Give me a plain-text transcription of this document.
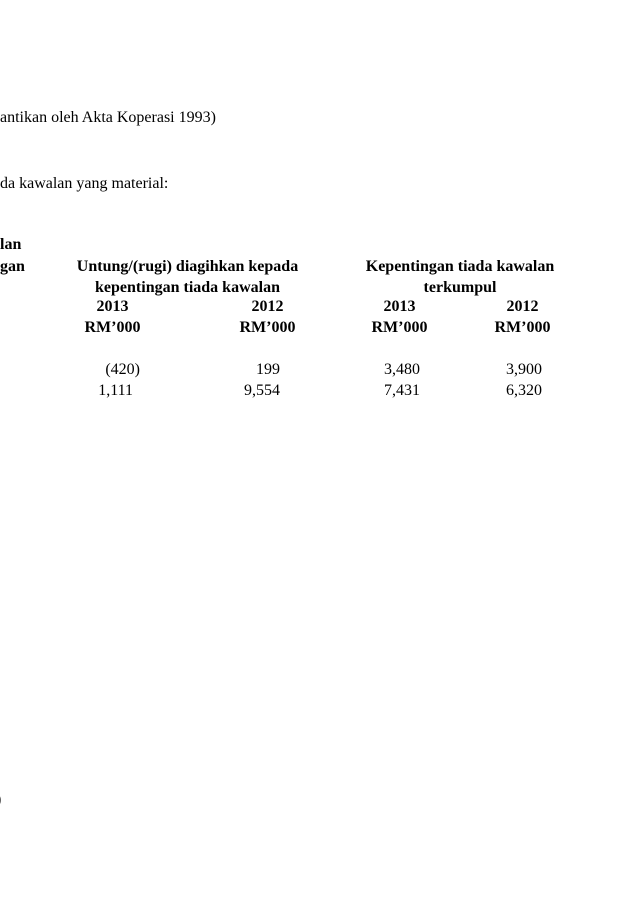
antikan oleh Akta Koperasi 1993)
da kawalan yang material:
lan
gan	Untung/(rugi) diagihkan kepada
kepentingan tiada kawalan
Kepentingan tiada kawalan
terkumpul
2013	2012	2013	2012
RM’000	RM’000	RM’000	RM’000
(420)	199	3,480	3,900
1,111	9,554	7,431	6,320
